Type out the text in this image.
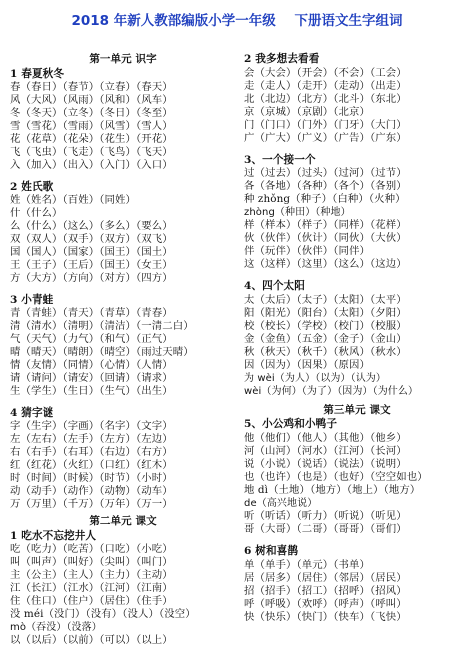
2018 年新人教部编版小学一年级    下册语文生字组词
第一单元 识字
1 春夏秋冬
春（春日）（春节）（立春）（春天）
风（大风）（风雨）（风和）（风车）
冬（冬天）（立冬）（冬日）（冬至）
雪（雪花）（雪雨）（风雪）（雪人）
花（花草）（花朵）（花生）（开花）
飞（飞虫）（飞走）（飞鸟）（飞天）
入（加入）（出入）（入门）（入口）
2 姓氏歌
姓（姓名）（百姓）（同姓）
什（什么）
么（什么）（这么）（多么）（要么）
双（双人）（双手）（双方）（双飞）
国（国人）（国家）（国王）（国土）
王（王子）（王后）（国王）（女王）
方（大方）（方向）（对方）（四方）
3 小青蛙
青（青蛙）（青天）（青草）（青春）
清（清水）（清明）（清洁）（一清二白）
气（天气）（力气）（和气）（正气）
晴（晴天）（晴朗）（晴空）（雨过天晴）
情（友情）（同情）（心情）（人情）
请（请问）（请安）（回请）（请求）
生（学生）（生日）（生气）（出生）
4 猜字谜
字（生字）（字画）（名字）（文字）
左（左右）（左手）（左方）（左边）
右（右手）（右耳）（右边）（右方）
红（红花）（火红）（口红）（红木）
时（时间）（时候）（时节）（小时）
动（动手）（动作）（动物）（动车）
万（万里）（千万）（万年）（万一）
第二单元 课文
1 吃水不忘挖井人
吃（吃力）（吃苦）（口吃）（小吃）
叫（叫声）（叫好）（尖叫）（叫门）
主（公主）（主人）（主力）（主动）
江（长江）（江水）（江河）（江南）
住（住口）（住户）（居住）（住手）
没 méi（没门）（没有）（没人）（没空）
mò（吞没）（没落）
以（以后）（以前）（可以）（以上）
2 我多想去看看
会（大会）（开会）（不会）（工会）
走（走人）（走开）（走动）（出走）
北（北边）（北方）（北斗）（东北）
京（京城）（京剧）（北京）
门（门口）（门外）（门牙）（大门）
广（广大）（广义）（广告）（广东）
3、一个接一个
过（过去）（过头）（过河）（过节）
各（各地）（各种）（各个）（各别）
种 zhǒng（种子）（白种）（火种）
zhòng（种田）（种地）
样（样本）（样子）（同样）（花样）
伙（伙伴）（伙计）（同伙）（大伙）
伴（玩伴）（伙伴）（同伴）
这（这样）（这里）（这么）（这边）
4、四个太阳
太（太后）（太子）（太阳）（太平）
阳（阳光）（阳台）（太阳）（夕阳）
校（校长）（学校）（校门）（校服）
金（金鱼）（五金）（金子）（金山）
秋（秋天）（秋千）（秋风）（秋水）
因（因为）（因果）（原因）
为 wèi（为人）（以为）（认为）
wèi（为何）（为了）（因为）（为什么）
第三单元 课文
5、小公鸡和小鸭子
他（他们）（他人）（其他）（他乡）
河（山河）（河水）（江河）（长河）
说（小说）（说话）（说法）（说明）
也（也许）（也是）（也好）（空空如也）
地 dì（土地）（地方）（地上）（地方）
de（高兴地说）
听（听话）（听力）（听说）（听见）
哥（大哥）（二哥）（哥哥）（哥们）
6 树和喜鹊
单（单手）（单元）（书单）
居（居多）（居住）（邻居）（居民）
招（招手）（招工）（招呼）（招风）
呼（呼吸）（欢呼）（呼声）（呼叫）
快（快乐）（快门）（快车）（飞快）
